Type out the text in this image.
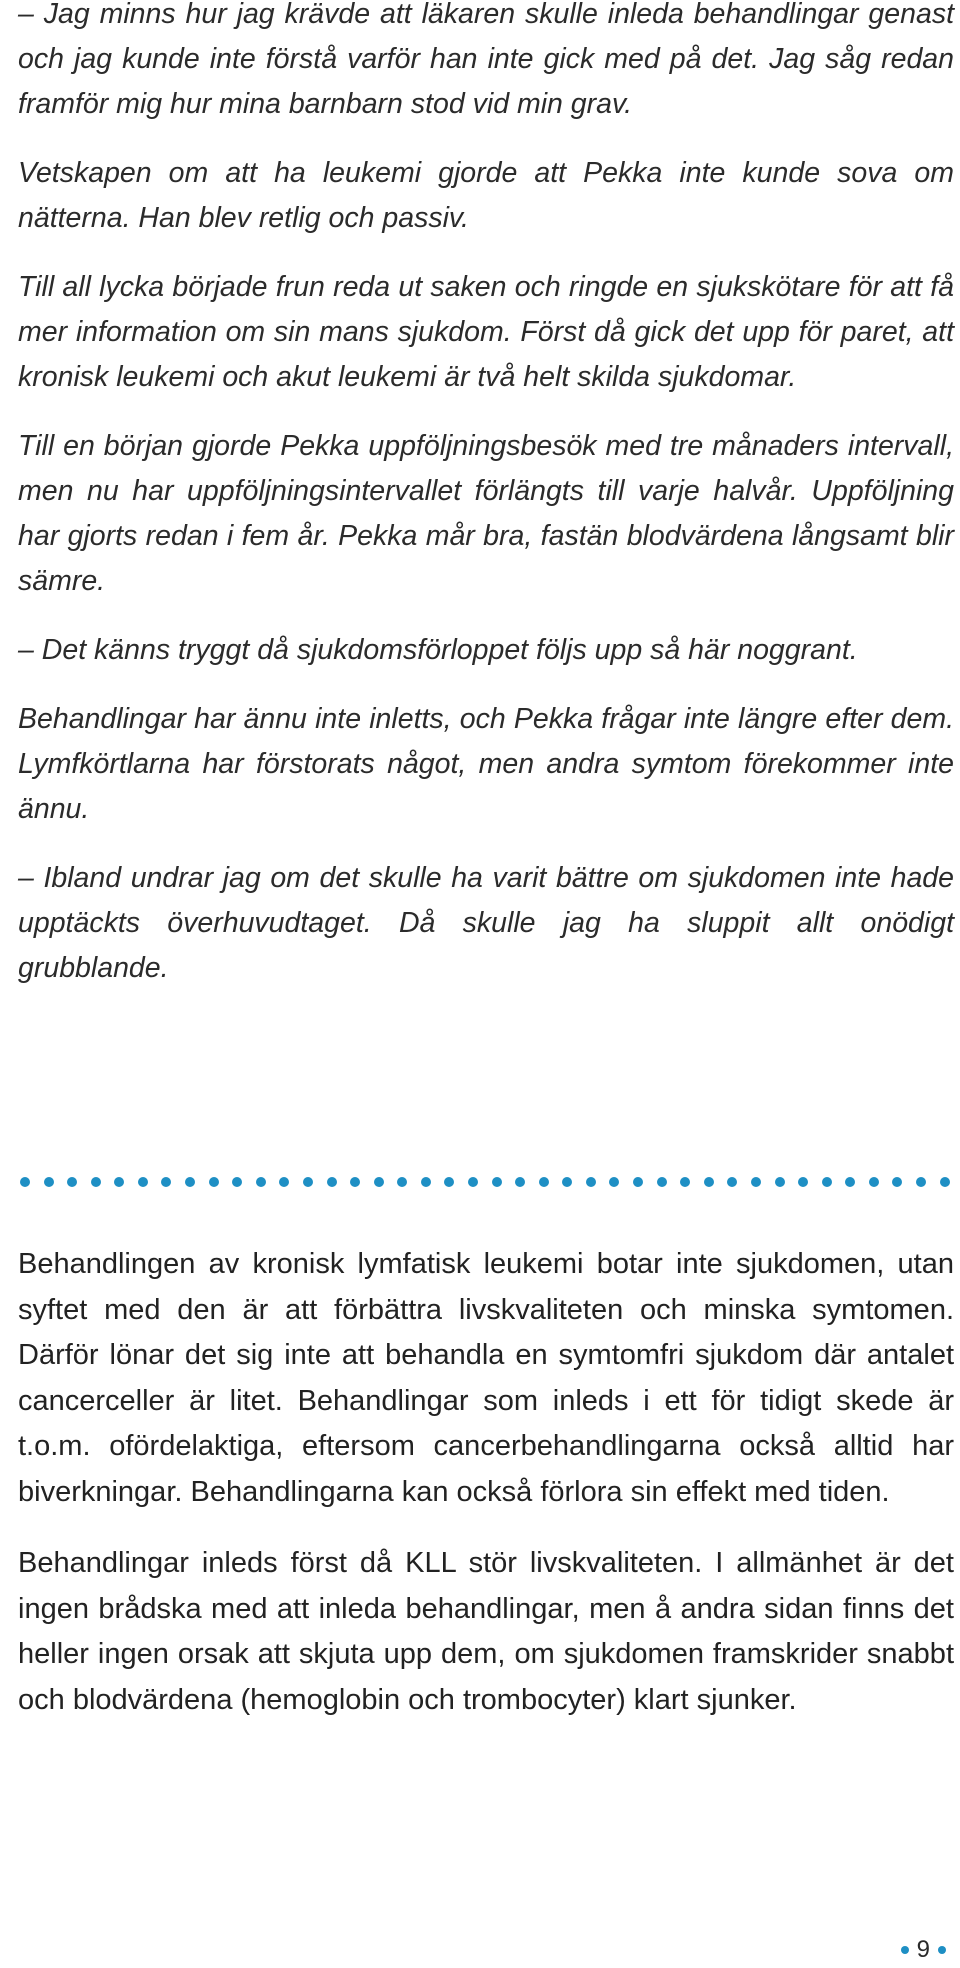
– Jag minns hur jag krävde att läkaren skulle inleda behandlingar genast och jag kunde inte förstå varför han inte gick med på det. Jag såg redan framför mig hur mina barnbarn stod vid min grav.

Vetskapen om att ha leukemi gjorde att Pekka inte kunde sova om nätterna. Han blev retlig och passiv.

Till all lycka började frun reda ut saken och ringde en sjukskötare för att få mer information om sin mans sjukdom. Först då gick det upp för paret, att kronisk leukemi och akut leukemi är två helt skilda sjukdomar.

Till en början gjorde Pekka uppföljningsbesök med tre månaders intervall, men nu har uppföljningsintervallet förlängts till varje halvår. Uppföljning har gjorts redan i fem år. Pekka mår bra, fastän blodvärdena långsamt blir sämre.

– Det känns tryggt då sjukdomsförloppet följs upp så här noggrant.

Behandlingar har ännu inte inletts, och Pekka frågar inte längre efter dem. Lymfkörtlarna har förstorats något, men andra symtom förekommer inte ännu.

– Ibland undrar jag om det skulle ha varit bättre om sjukdomen inte hade upptäckts överhuvudtaget. Då skulle jag ha sluppit allt onödigt grubblande.

Behandlingen av kronisk lymfatisk leukemi botar inte sjukdomen, utan syftet med den är att förbättra livskvaliteten och minska symtomen. Därför lönar det sig inte att behandla en symtomfri sjukdom där antalet cancerceller är litet. Behandlingar som inleds i ett för tidigt skede är t.o.m. ofördelaktiga, eftersom cancerbehandlingarna också alltid har biverkningar. Behandlingarna kan också förlora sin effekt med tiden.

Behandlingar inleds först då KLL stör livskvaliteten. I allmänhet är det ingen brådska med att inleda behandlingar, men å andra sidan finns det heller ingen orsak att skjuta upp dem, om sjukdomen framskrider snabbt och blodvärdena (hemoglobin och trombocyter) klart sjunker.

9
